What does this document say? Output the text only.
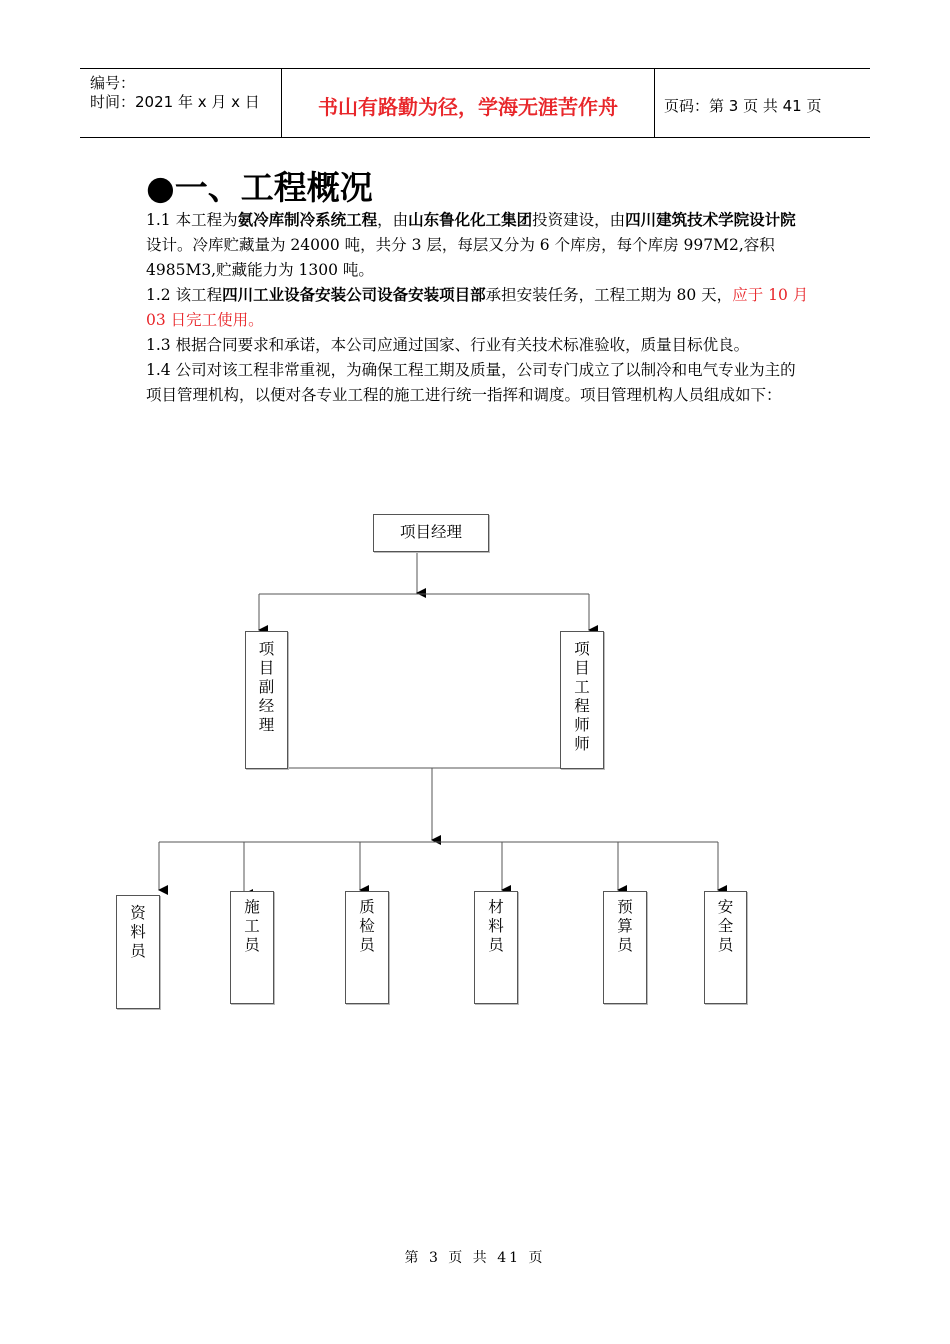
编号：
时间：2021 年 x 月 x 日	书山有路勤为径，学海无涯苦作舟	页码：第 3 页 共 41 页
●一、工程概况
1.1 本工程为氨冷库制冷系统工程，由山东鲁化化工集团投资建设，由四川建筑技术学院设计院设计。冷库贮藏量为 24000 吨，共分 3 层，每层又分为 6 个库房，每个库房 997M2,容积 4985M3,贮藏能力为 1300 吨。
1.2 该工程四川工业设备安装公司设备安装项目部承担安装任务，工程工期为 80 天，应于 10 月 03 日完工使用。
1.3 根据合同要求和承诺，本公司应通过国家、行业有关技术标准验收，质量目标优良。
1.4 公司对该工程非常重视，为确保工程工期及质量，公司专门成立了以制冷和电气专业为主的项目管理机构，以便对各专业工程的施工进行统一指挥和调度。项目管理机构人员组成如下：
项目经理
项
目
副
经
理
项
目
工
程
师
师
资
料
员
施
工
员
质
检
员
材
料
员
预
算
员
安
全
员
第 3 页 共 41 页
